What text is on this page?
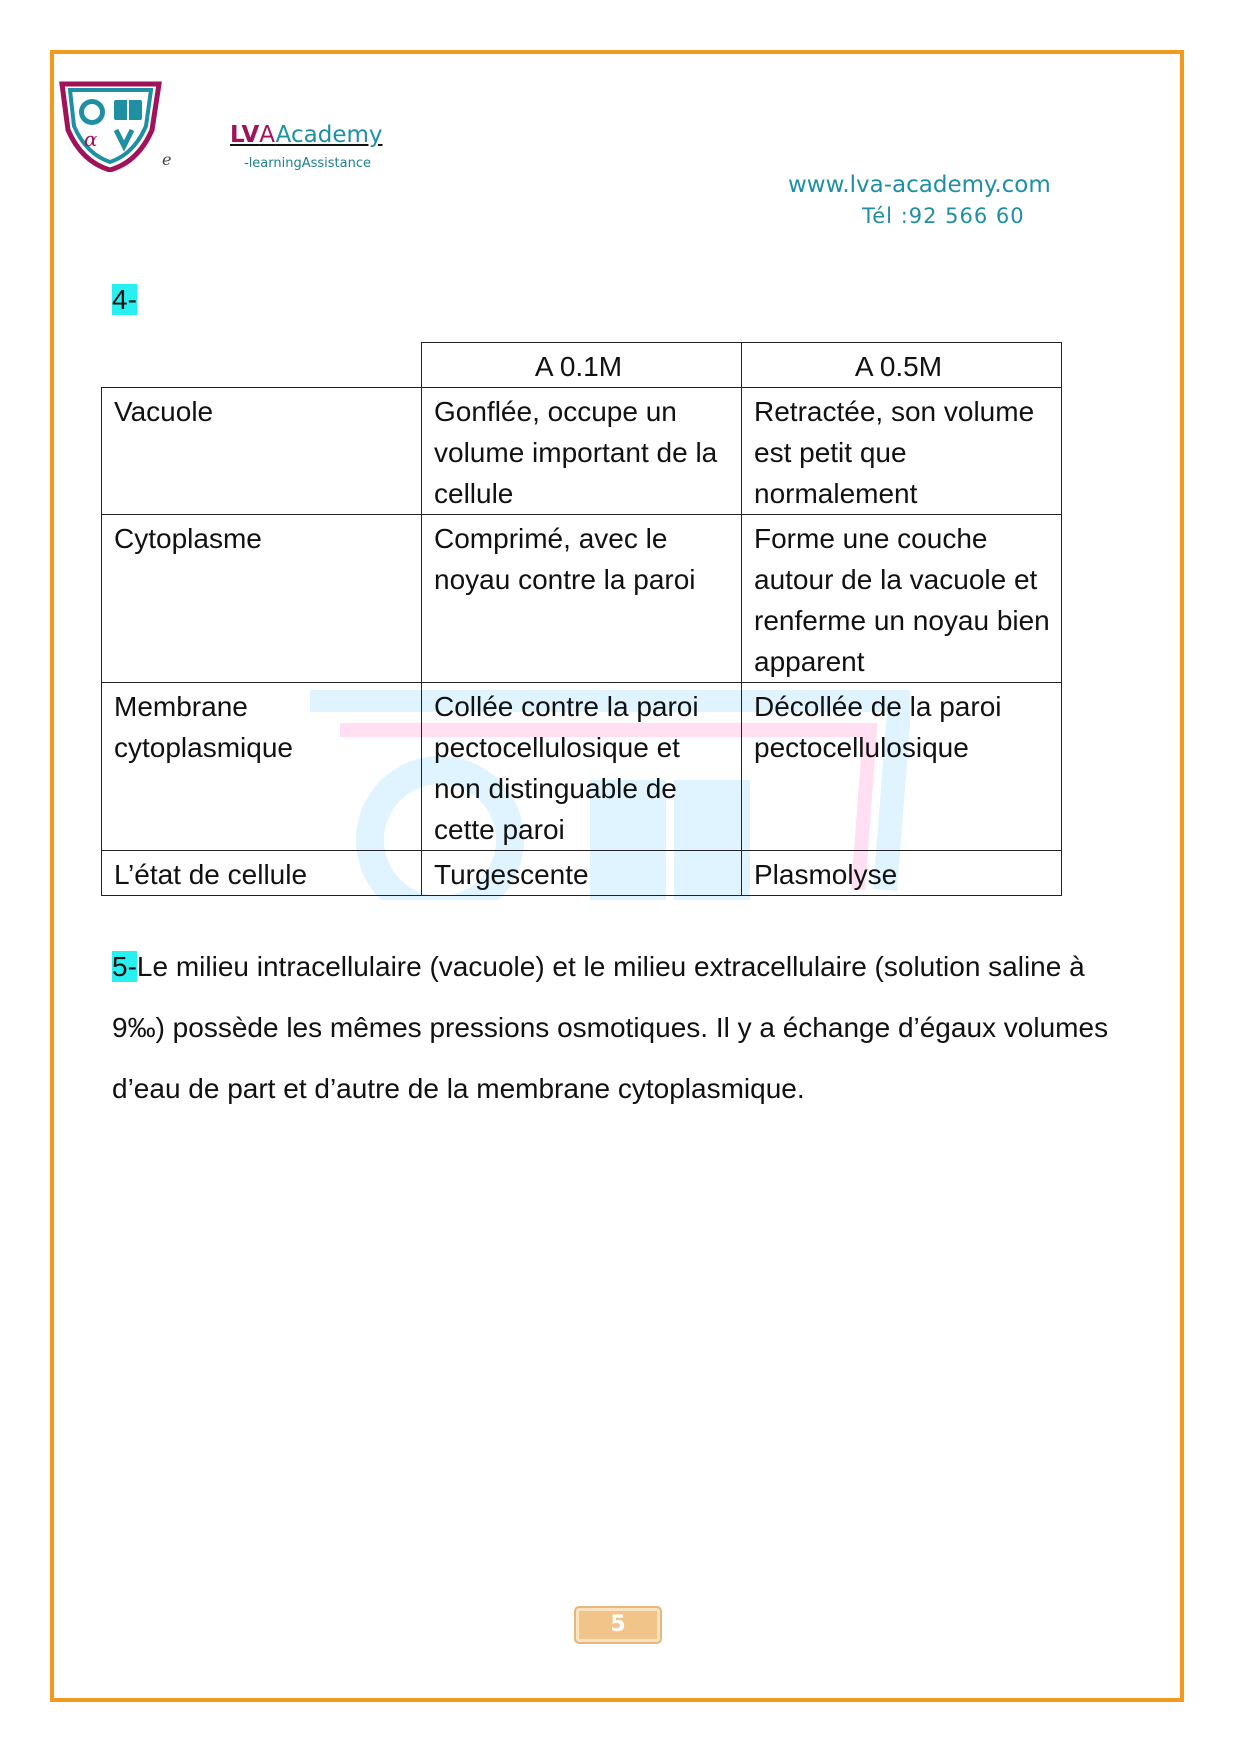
α
e
LVAAcademy
-learningAssistance
www.lva-academy.com
Tél :92 566 60
4-
	A 0.1M	A 0.5M
Vacuole	Gonflée, occupe un volume important de la cellule	Retractée, son volume est petit que normalement
Cytoplasme	Comprimé, avec le noyau contre la paroi	Forme une couche autour de la vacuole et renferme un noyau bien apparent
Membrane cytoplasmique	Collée contre la paroi pectocellulosique et non distinguable de cette paroi	Décollée de la paroi pectocellulosique
L’état de cellule	Turgescente	Plasmolyse
5-Le milieu intracellulaire (vacuole) et le milieu extracellulaire (solution saline à 9‰) possède les mêmes pressions osmotiques. Il y a échange d’égaux volumes d’eau de part et d’autre de la membrane cytoplasmique.
5
